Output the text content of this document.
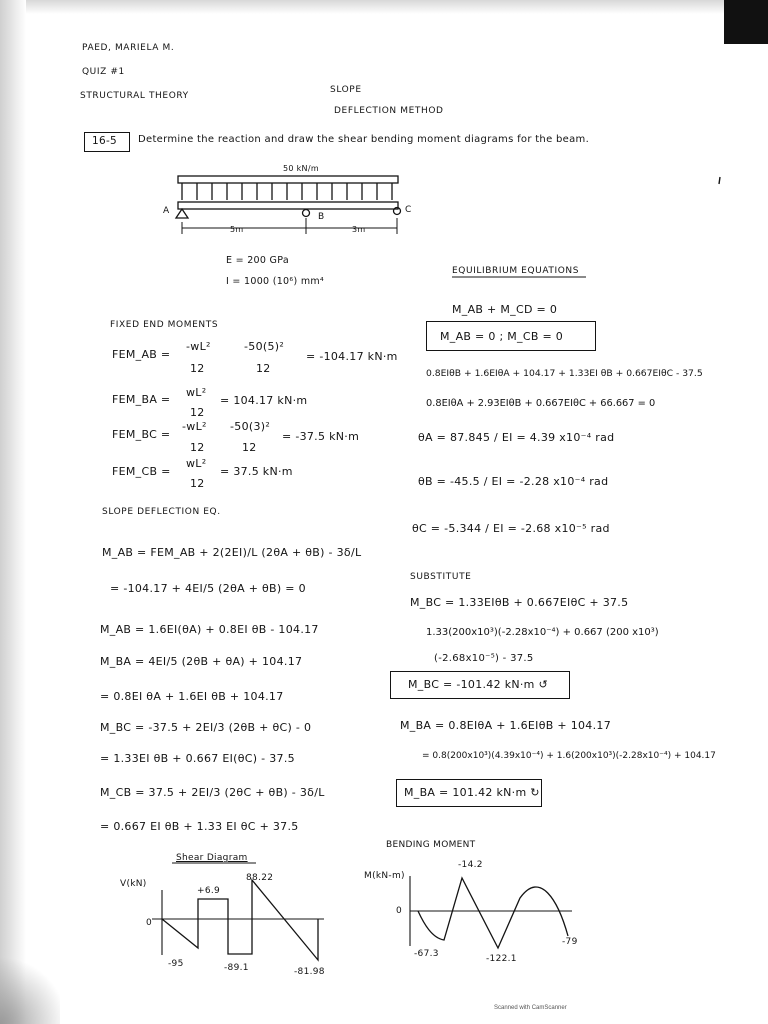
PAED, MARIELA M.
QUIZ #1
STRUCTURAL THEORY
SLOPE
DEFLECTION METHOD
16-5 Determine the reaction and draw the shear bending moment diagrams for the beam.
50 kN/m
A
B
C
5m	3m
E = 200 GPa
I = 1000 (10⁶) mm⁴
FIXED END MOMENTS
FEM_AB =
-wL²
12
-50(5)²
12
= -104.17 kN·m
FEM_BA =
wL²
12
= 104.17 kN·m
FEM_BC =
-wL²
12
-50(3)²
12
= -37.5 kN·m
FEM_CB =
wL²
12
= 37.5 kN·m
SLOPE DEFLECTION EQ.
M_AB = FEM_AB + 2(2EI)/L (2θA + θB) - 3δ/L
= -104.17 + 4EI/5 (2θA + θB) = 0
M_AB = 1.6EI(θA) + 0.8EI θB - 104.17
M_BA = 4EI/5 (2θB + θA) + 104.17
= 0.8EI θA + 1.6EI θB + 104.17
M_BC = -37.5 + 2EI/3 (2θB + θC) - 0
= 1.33EI θB + 0.667 EI(θC) - 37.5
M_CB = 37.5 + 2EI/3 (2θC + θB) - 3δ/L
= 0.667 EI θB + 1.33 EI θC + 37.5
EQUILIBRIUM EQUATIONS
M_AB + M_CD = 0
M_AB = 0 ; M_CB = 0
0.8EIθB + 1.6EIθA + 104.17 + 1.33EI θB + 0.667EIθC - 37.5
0.8EIθA + 2.93EIθB + 0.667EIθC + 66.667 = 0
θA = 87.845 / EI = 4.39 x10⁻⁴ rad
θB = -45.5 / EI = -2.28 x10⁻⁴ rad
θC = -5.344 / EI = -2.68 x10⁻⁵ rad
SUBSTITUTE
M_BC = 1.33EIθB + 0.667EIθC + 37.5
1.33(200x10³)(-2.28x10⁻⁴) + 0.667 (200 x10³)
(-2.68x10⁻⁵) - 37.5
M_BC = -101.42 kN·m ↺
M_BA = 0.8EIθA + 1.6EIθB + 104.17
= 0.8(200x10³)(4.39x10⁻⁴) + 1.6(200x10³)(-2.28x10⁻⁴) + 104.17
M_BA = 101.42 kN·m ↻
Shear Diagram
V(kN)
0
-95
+6.9
-89.1
88.22
-81.98
BENDING MOMENT
M(kN-m)
0
-14.2
-67.3	-122.1
-79
Scanned with CamScanner
